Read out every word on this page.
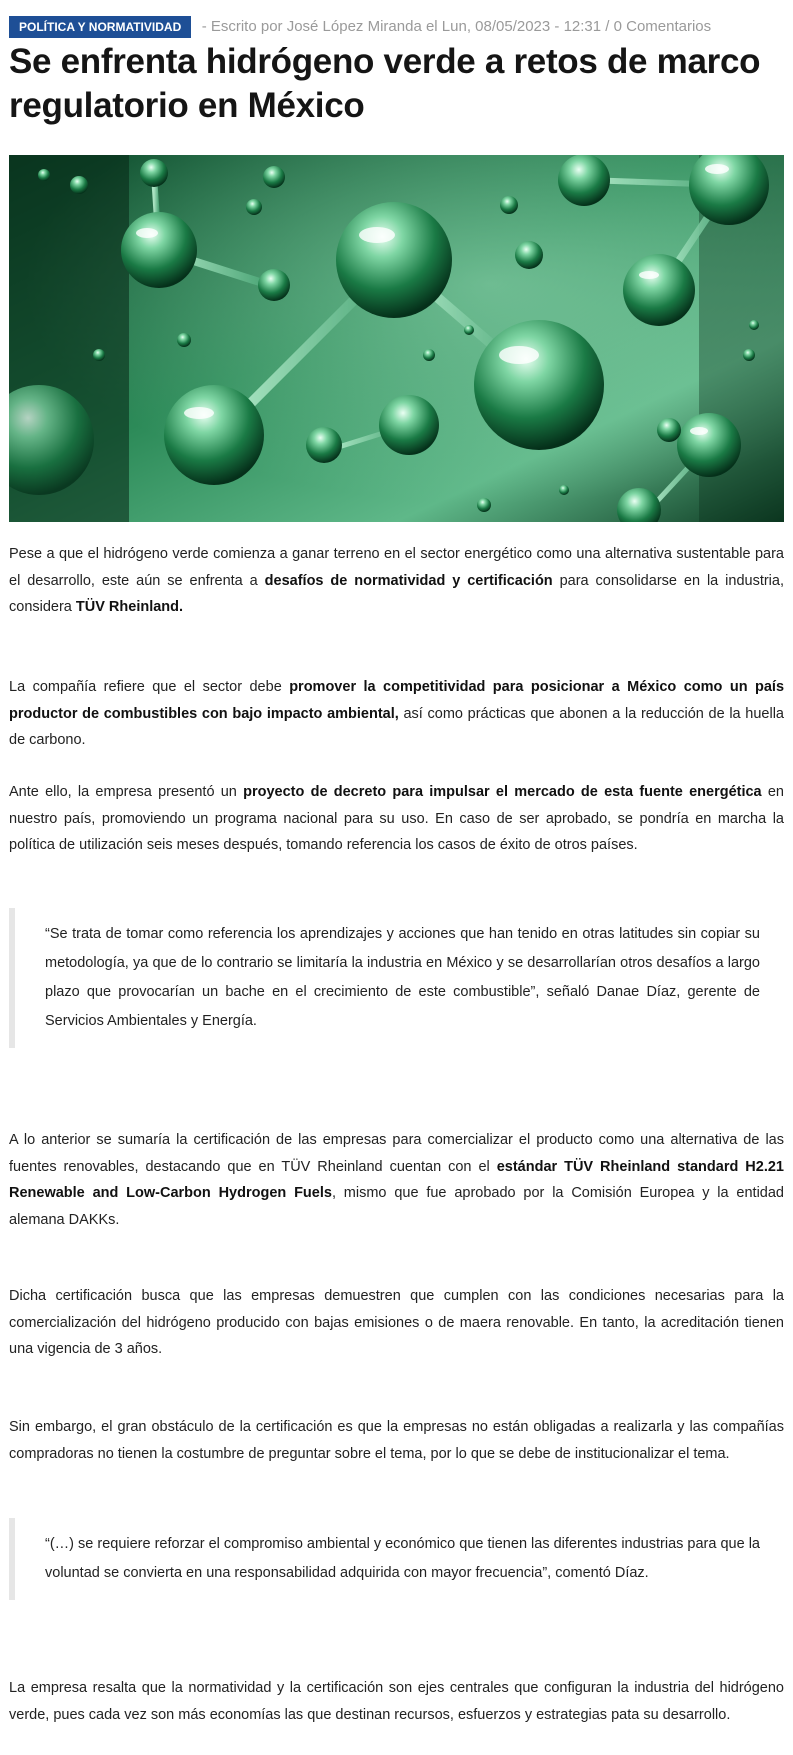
POLÍTICA Y NORMATIVIDAD - Escrito por José López Miranda el Lun, 08/05/2023 - 12:31 / 0 Comentarios
Se enfrenta hidrógeno verde a retos de marco regulatorio en México

Pese a que el hidrógeno verde comienza a ganar terreno en el sector energético como una alternativa sustentable para el desarrollo, este aún se enfrenta a desafíos de normatividad y certificación para consolidarse en la industria, considera TÜV Rheinland.

La compañía refiere que el sector debe promover la competitividad para posicionar a México como un país productor de combustibles con bajo impacto ambiental, así como prácticas que abonen a la reducción de la huella de carbono.

Ante ello, la empresa presentó un proyecto de decreto para impulsar el mercado de esta fuente energética en nuestro país, promoviendo un programa nacional para su uso. En caso de ser aprobado, se pondría en marcha la política de utilización seis meses después, tomando referencia los casos de éxito de otros países.

“Se trata de tomar como referencia los aprendizajes y acciones que han tenido en otras latitudes sin copiar su metodología, ya que de lo contrario se limitaría la industria en México y se desarrollarían otros desafíos a largo plazo que provocarían un bache en el crecimiento de este combustible”, señaló Danae Díaz, gerente de Servicios Ambientales y Energía.

A lo anterior se sumaría la certificación de las empresas para comercializar el producto como una alternativa de las fuentes renovables, destacando que en TÜV Rheinland cuentan con el estándar TÜV Rheinland standard H2.21 Renewable and Low-Carbon Hydrogen Fuels, mismo que fue aprobado por la Comisión Europea y la entidad alemana DAKKs.

Dicha certificación busca que las empresas demuestren que cumplen con las condiciones necesarias para la comercialización del hidrógeno producido con bajas emisiones o de maera renovable. En tanto, la acreditación tienen una vigencia de 3 años.

Sin embargo, el gran obstáculo de la certificación es que la empresas no están obligadas a realizarla y las compañías compradoras no tienen la costumbre de preguntar sobre el tema, por lo que se debe de institucionalizar el tema.

“(…) se requiere reforzar el compromiso ambiental y económico que tienen las diferentes industrias para que la voluntad se convierta en una responsabilidad adquirida con mayor frecuencia”, comentó Díaz.

La empresa resalta que la normatividad y la certificación son ejes centrales que configuran la industria del hidrógeno verde, pues cada vez son más economías las que destinan recursos, esfuerzos y estrategias pata su desarrollo.
